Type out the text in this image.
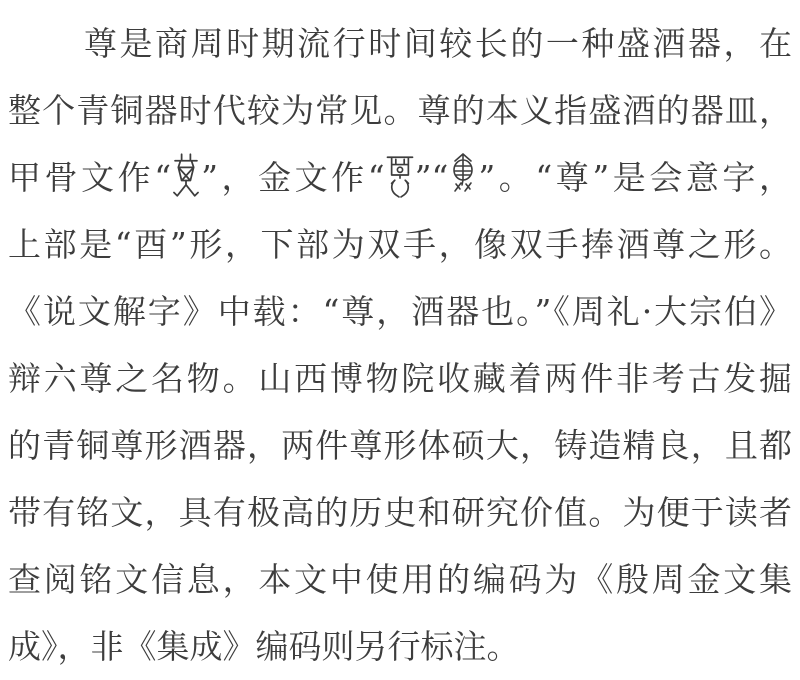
尊是商周时期流行时间较长的一种盛酒器，在
整个青铜器时代较为常见。尊的本义指盛酒的器皿，
甲骨文作“ ”，金文作“ ”“ ”。“尊”是会意字，
上部是“酉”形，下部为双手，像双手捧酒尊之形。
《说文解字》中载：“尊，酒器也。”《周礼·大宗伯》
辩六尊之名物。山西博物院收藏着两件非考古发掘
的青铜尊形酒器，两件尊形体硕大，铸造精良，且都
带有铭文，具有极高的历史和研究价值。为便于读者
查阅铭文信息，本文中使用的编码为《殷周金文集
成》，非《集成》编码则另行标注。
